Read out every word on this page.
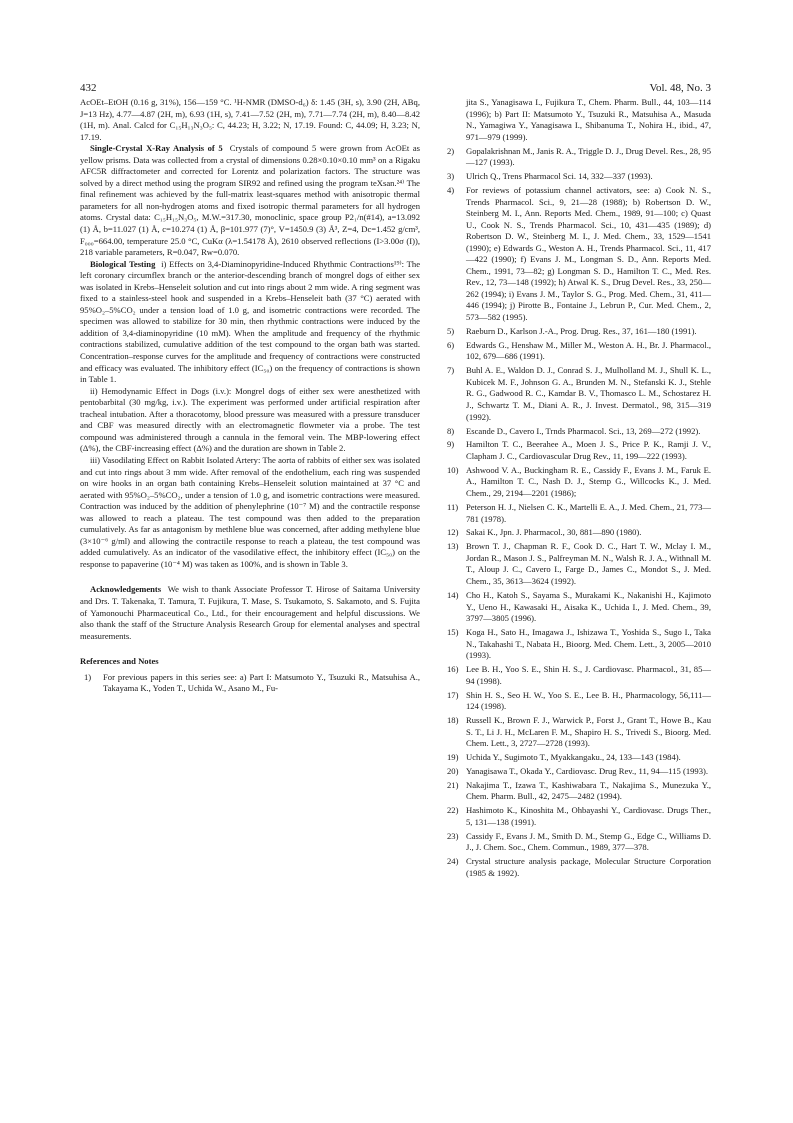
432	Vol. 48, No. 3

AcOEt–EtOH (0.16 g, 31%), 156—159 °C. ¹H-NMR (DMSO-d₆) δ: 1.45 (3H, s), 3.90 (2H, ABq, J=13 Hz), 4.77—4.87 (2H, m), 6.93 (1H, s), 7.41—7.52 (2H, m), 7.71—7.74 (2H, m), 8.40—8.42 (1H, m). Anal. Calcd for C₁₅H₁₃N₃O₅: C, 44.23; H, 3.22; N, 17.19. Found: C, 44.09; H, 3.23; N, 17.19.

Single-Crystal X-Ray Analysis of 5 Crystals of compound 5 were grown from AcOEt as yellow prisms. Data was collected from a crystal of dimensions 0.28×0.10×0.10 mm³ on a Rigaku AFC5R diffractometer and corrected for Lorentz and polarization factors. The structure was solved by a direct method using the program SIR92 and refined using the program teXsan.²⁴⁾ The final refinement was achieved by the full-matrix least-squares method with anisotropic thermal parameters for all non-hydrogen atoms and fixed isotropic thermal parameters for all hydrogen atoms. Crystal data: C₁₅H₁₅N₃O₅, M.W.=317.30, monoclinic, space group P2₁/n(#14), a=13.092 (1) Å, b=11.027 (1) Å, c=10.274 (1) Å, β=101.977 (7)°, V=1450.9 (3) Å³, Z=4, Dc=1.452 g/cm³, F₀₀₀=664.00, temperature 25.0 °C, CuKα (λ=1.54178 Å), 2610 observed reflections (I>3.00σ (I)), 218 variable parameters, R=0.047, Rw=0.070.

Biological Testing i) Effects on 3,4-Diaminopyridine-Induced Rhythmic Contractions¹⁹⁾: The left coronary circumflex branch or the anterior-descending branch of mongrel dogs of either sex was isolated in Krebs–Henseleit solution and cut into rings about 2 mm wide. A ring segment was fixed to a stainless-steel hook and suspended in a Krebs–Henseleit bath (37 °C) aerated with 95%O₂–5%CO₂ under a tension load of 1.0 g, and isometric contractions were recorded. The specimen was allowed to stabilize for 30 min, then rhythmic contractions were induced by the addition of 3,4-diaminopyridine (10 mM). When the amplitude and frequency of the rhythmic contractions stabilized, cumulative addition of the test compound to the organ bath was started. Concentration–response curves for the amplitude and frequency of contractions were constructed and efficacy was evaluated. The inhibitory effect (IC₅₀) on the frequency of contractions is shown in Table 1.

ii) Hemodynamic Effect in Dogs (i.v.): Mongrel dogs of either sex were anesthetized with pentobarbital (30 mg/kg, i.v.). The experiment was performed under artificial respiration after tracheal intubation. After a thoracotomy, blood pressure was measured with a pressure transducer and CBF was measured directly with an electromagnetic flowmeter via a probe. The test compound was administered through a cannula in the femoral vein. The MBP-lowering effect (Δ%), the CBF-increasing effect (Δ%) and the duration are shown in Table 2.

iii) Vasodilating Effect on Rabbit Isolated Artery: The aorta of rabbits of either sex was isolated and cut into rings about 3 mm wide. After removal of the endothelium, each ring was suspended on wire hooks in an organ bath containing Krebs–Henseleit solution maintained at 37 °C and aerated with 95%O₂–5%CO₂, under a tension of 1.0 g, and isometric contractions were measured. Contraction was induced by the addition of phenylephrine (10⁻⁷ M) and the contractile response was allowed to reach a plateau. The test compound was then added to the preparation cumulatively. As far as antagonism by methlene blue was concerned, after adding methylene blue (3×10⁻⁶ g/ml) and allowing the contractile response to reach a plateau, the test compound was added cumulatively. As an indicator of the vasodilative effect, the inhibitory effect (IC₅₀) on the response to papaverine (10⁻⁴ M) was taken as 100%, and is shown in Table 3.

Acknowledgements We wish to thank Associate Professor T. Hirose of Saitama University and Drs. T. Takenaka, T. Tamura, T. Fujikura, T. Mase, S. Tsukamoto, S. Sakamoto, and S. Fujita of Yamonouchi Pharmaceutical Co., Ltd., for their encouragement and helpful discussions. We also thank the staff of the Structure Analysis Research Group for elemental analyses and spectral measurements.

References and Notes
1)	For previous papers in this series see: a) Part I: Matsumoto Y., Tsuzuki R., Matsuhisa A., Takayama K., Yoden T., Uchida W., Asano M., Fu-
jita S., Yanagisawa I., Fujikura T., Chem. Pharm. Bull., 44, 103—114 (1996); b) Part II: Matsumoto Y., Tsuzuki R., Matsuhisa A., Masuda N., Yamagiwa Y., Yanagisawa I., Shibanuma T., Nohira H., ibid., 47, 971—979 (1999).
2)	Gopalakrishnan M., Janis R. A., Triggle D. J., Drug Devel. Res., 28, 95—127 (1993).
3)	Ulrich Q., Trens Pharmacol Sci. 14, 332—337 (1993).
4)	For reviews of potassium channel activators, see: a) Cook N. S., Trends Pharmacol. Sci., 9, 21—28 (1988); b) Robertson D. W., Steinberg M. I., Ann. Reports Med. Chem., 1989, 91—100; c) Quast U., Cook N. S., Trends Pharmacol. Sci., 10, 431—435 (1989); d) Robertson D. W., Steinberg M. I., J. Med. Chem., 33, 1529—1541 (1990); e) Edwards G., Weston A. H., Trends Pharmacol. Sci., 11, 417—422 (1990); f) Evans J. M., Longman S. D., Ann. Reports Med. Chem., 1991, 73—82; g) Longman S. D., Hamilton T. C., Med. Res. Rev., 12, 73—148 (1992); h) Atwal K. S., Drug Devel. Res., 33, 250—262 (1994); i) Evans J. M., Taylor S. G., Prog. Med. Chem., 31, 411—446 (1994); j) Pirotte B., Fontaine J., Lebrun P., Cur. Med. Chem., 2, 573—582 (1995).
5)	Raeburn D., Karlson J.-A., Prog. Drug. Res., 37, 161—180 (1991).
6)	Edwards G., Henshaw M., Miller M., Weston A. H., Br. J. Pharmacol., 102, 679—686 (1991).
7)	Buhl A. E., Waldon D. J., Conrad S. J., Mulholland M. J., Shull K. L., Kubicek M. F., Johnson G. A., Brunden M. N., Stefanski K. J., Stehle R. G., Gadwood R. C., Kamdar B. V., Thomasco L. M., Schostarez H. J., Schwartz T. M., Diani A. R., J. Invest. Dermatol., 98, 315—319 (1992).
8)	Escande D., Cavero I., Trnds Pharmacol. Sci., 13, 269—272 (1992).
9)	Hamilton T. C., Beerahee A., Moen J. S., Price P. K., Ramji J. V., Clapham J. C., Cardiovascular Drug Rev., 11, 199—222 (1993).
10) Ashwood V. A., Buckingham R. E., Cassidy F., Evans J. M., Faruk E. A., Hamilton T. C., Nash D. J., Stemp G., Willcocks K., J. Med. Chem., 29, 2194—2201 (1986);
11) Peterson H. J., Nielsen C. K., Martelli E. A., J. Med. Chem., 21, 773—781 (1978).
12) Sakai K., Jpn. J. Pharmacol., 30, 881—890 (1980).
13) Brown T. J., Chapman R. F., Cook D. C., Hart T. W., Mclay I. M., Jordan R., Mason J. S., Palfreyman M. N., Walsh R. J. A., Withnall M. T., Aloup J. C., Cavero I., Farge D., James C., Mondot S., J. Med. Chem., 35, 3613—3624 (1992).
14) Cho H., Katoh S., Sayama S., Murakami K., Nakanishi H., Kajimoto Y., Ueno H., Kawasaki H., Aisaka K., Uchida I., J. Med. Chem., 39, 3797—3805 (1996).
15) Koga H., Sato H., Imagawa J., Ishizawa T., Yoshida S., Sugo I., Taka N., Takahashi T., Nabata H., Bioorg. Med. Chem. Lett., 3, 2005—2010 (1993).
16) Lee B. H., Yoo S. E., Shin H. S., J. Cardiovasc. Pharmacol., 31, 85—94 (1998).
17) Shin H. S., Seo H. W., Yoo S. E., Lee B. H., Pharmacology, 56,111—124 (1998).
18) Russell K., Brown F. J., Warwick P., Forst J., Grant T., Howe B., Kau S. T., Li J. H., McLaren F. M., Shapiro H. S., Trivedi S., Bioorg. Med. Chem. Lett., 3, 2727—2728 (1993).
19) Uchida Y., Sugimoto T., Myakkangaku., 24, 133—143 (1984).
20) Yanagisawa T., Okada Y., Cardiovasc. Drug Rev., 11, 94—115 (1993).
21) Nakajima T., Izawa T., Kashiwabara T., Nakajima S., Munezuka Y., Chem. Pharm. Bull., 42, 2475—2482 (1994).
22) Hashimoto K., Kinoshita M., Ohbayashi Y., Cardiovasc. Drugs Ther., 5, 131—138 (1991).
23) Cassidy F., Evans J. M., Smith D. M., Stemp G., Edge C., Williams D. J., J. Chem. Soc., Chem. Commun., 1989, 377—378.
24) Crystal structure analysis package, Molecular Structure Corporation (1985 & 1992).
